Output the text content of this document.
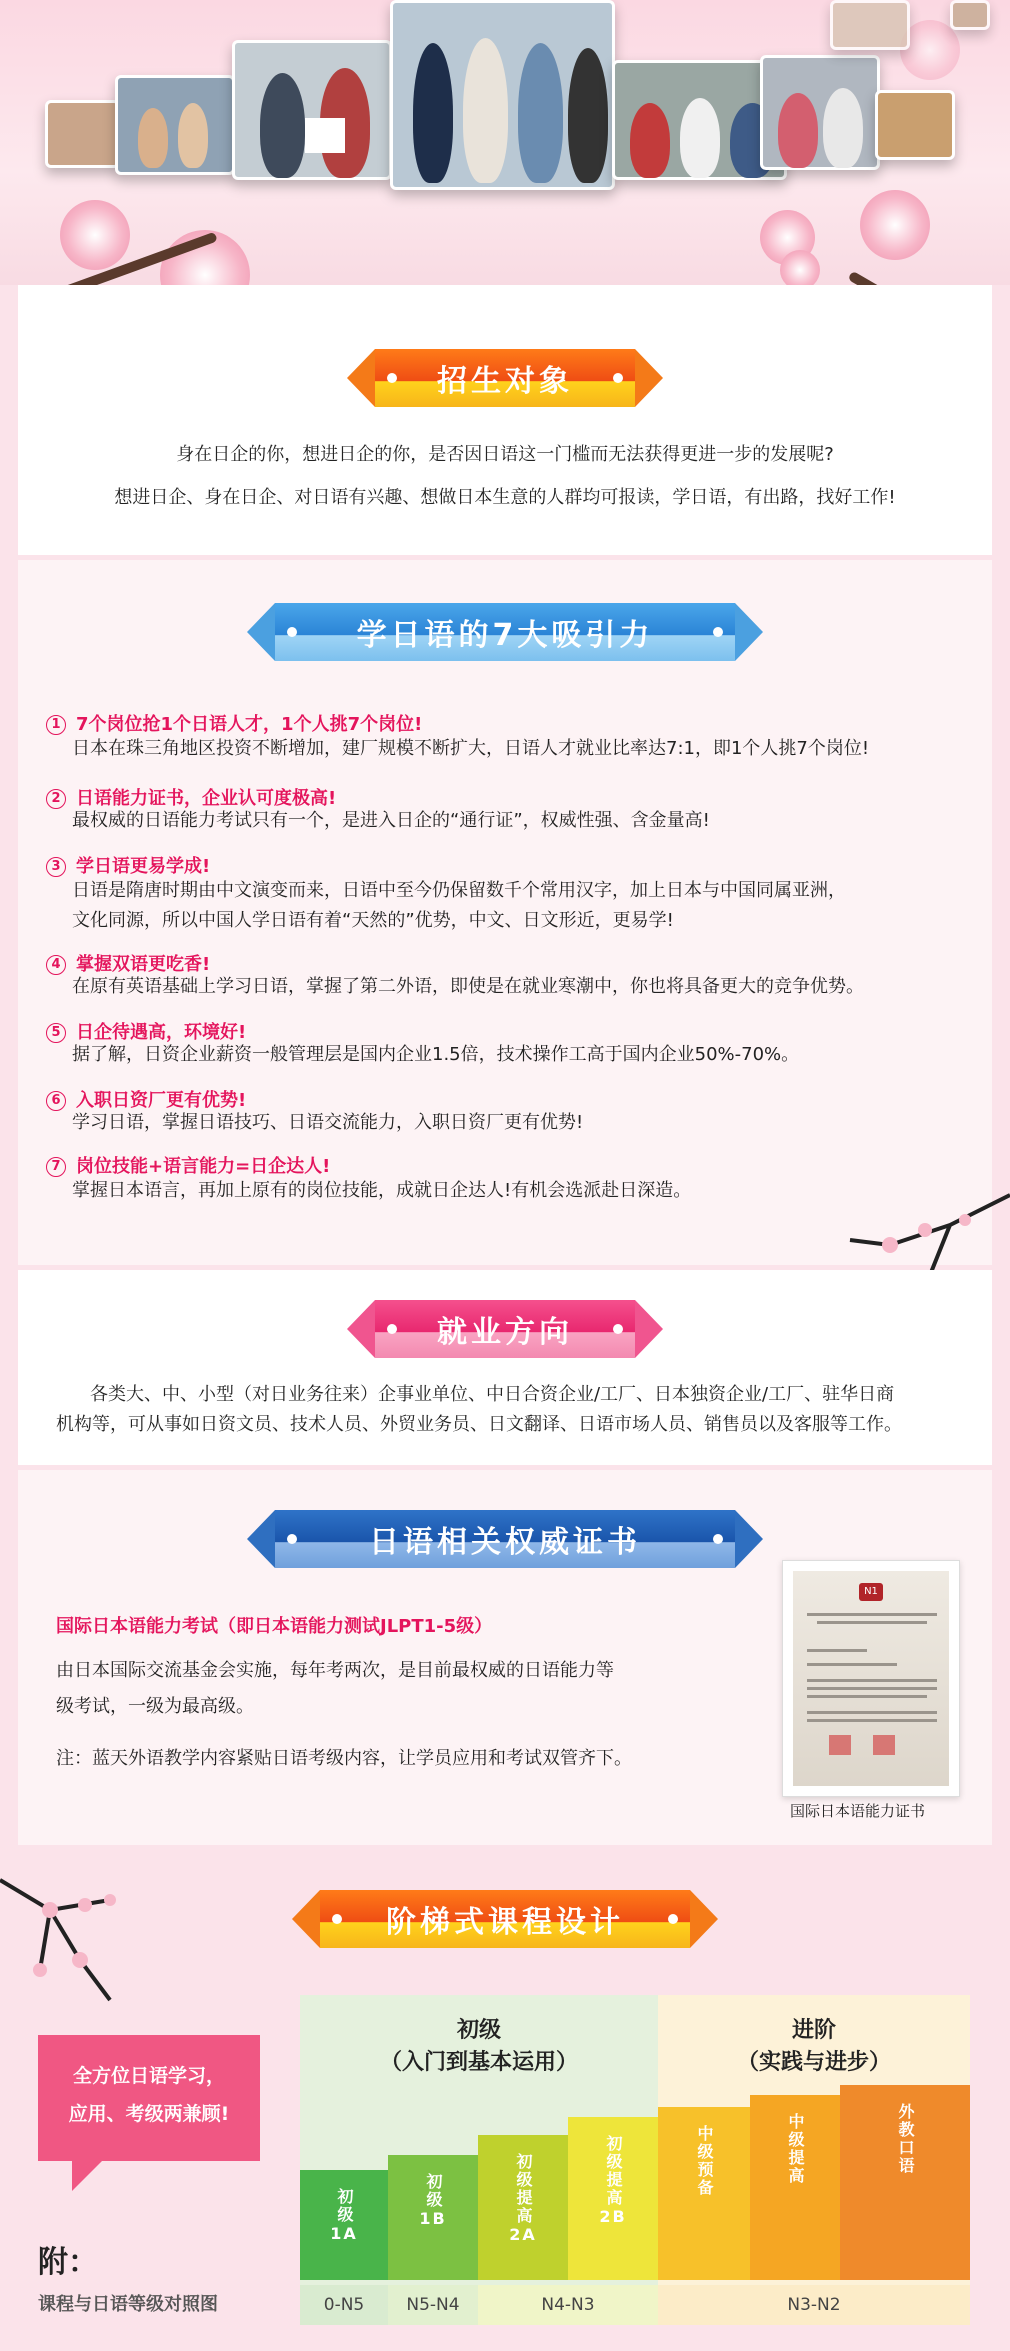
招生对象
身在日企的你，想进日企的你，是否因日语这一门槛而无法获得更进一步的发展呢?
想进日企、身在日企、对日语有兴趣、想做日本生意的人群均可报读，学日语，有出路，找好工作!
学日语的7大吸引力
1 7个岗位抢1个日语人才，1个人挑7个岗位!
日本在珠三角地区投资不断增加，建厂规模不断扩大，日语人才就业比率达7:1，即1个人挑7个岗位!
2 日语能力证书，企业认可度极高!
最权威的日语能力考试只有一个，是进入日企的“通行证”，权威性强、含金量高!
3 学日语更易学成!
日语是隋唐时期由中文演变而来，日语中至今仍保留数千个常用汉字，加上日本与中国同属亚洲，
文化同源，所以中国人学日语有着“天然的”优势，中文、日文形近，更易学!
4 掌握双语更吃香!
在原有英语基础上学习日语，掌握了第二外语，即使是在就业寒潮中，你也将具备更大的竞争优势。
5 日企待遇高，环境好!
据了解，日资企业薪资一般管理层是国内企业1.5倍，技术操作工高于国内企业50%-70%。
6 入职日资厂更有优势!
学习日语，掌握日语技巧、日语交流能力，入职日资厂更有优势!
7 岗位技能+语言能力=日企达人!
掌握日本语言，再加上原有的岗位技能，成就日企达人!有机会选派赴日深造。
就业方向
各类大、中、小型（对日业务往来）企事业单位、中日合资企业/工厂、日本独资企业/工厂、驻华日商
机构等，可从事如日资文员、技术人员、外贸业务员、日文翻译、日语市场人员、销售员以及客服等工作。
日语相关权威证书
国际日本语能力考试（即日本语能力测试JLPT1-5级）
由日本国际交流基金会实施，每年考两次，是目前最权威的日语能力等
级考试，一级为最高级。
注：蓝天外语教学内容紧贴日语考级内容，让学员应用和考试双管齐下。
N1
国际日本语能力证书
阶梯式课程设计
全方位日语学习，
应用、考级两兼顾!
附：
课程与日语等级对照图
初级
（入门到基本运用）
进阶
（实践与进步）
初级
1A
初级
1B	初级提高
2A
初级提高
2B
中级预备	中级提高	外教口语
0-N5	N5-N4	N4-N3	N3-N2
